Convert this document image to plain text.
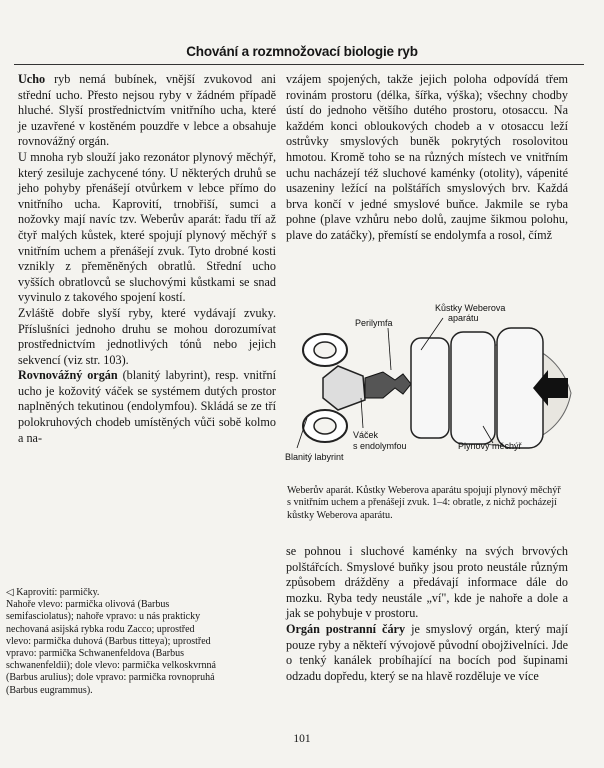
Chování a rozmnožovací biologie ryb

Ucho ryb nemá bubínek, vnější zvukovod ani střední ucho. Přesto nejsou ryby v žádném případě hluché. Slyší prostřednictvím vnitřního ucha, které je uzavřené v kostěném pouzdře v lebce a obsahuje rovnovážný orgán.

U mnoha ryb slouží jako rezonátor plynový měchýř, který zesiluje zachycené tóny. U některých druhů se jeho pohyby přenášejí otvůrkem v lebce přímo do vnitřního ucha. Kaprovití, trnobřiší, sumci a nožovky mají navíc tzv. Weberův aparát: řadu tří až čtyř malých kůstek, které spojují plynový měchýř s vnitřním uchem a přenášejí zvuk. Tyto drobné kosti vznikly z přeměněných obratlů. Střední ucho vyšších obratlovců se sluchovými kůstkami se snad vyvinulo z takového spojení kostí.

Zvláště dobře slyší ryby, které vydávají zvuky. Příslušníci jednoho druhu se mohou dorozumívat prostřednictvím jednotlivých tónů nebo jejich sekvencí (viz str. 103).

Rovnovážný orgán (blanitý labyrint), resp. vnitřní ucho je kožovitý váček se systémem dutých prostor naplněných tekutinou (endolymfou). Skládá se ze tří polokruhových chodeb umístěných vůči sobě kolmo a na-

vzájem spojených, takže jejich poloha odpovídá třem rovinám prostoru (délka, šířka, výška); všechny chodby ústí do jednoho většího dutého prostoru, otosaccu. Na každém konci obloukových chodeb a v otosaccu leží ostrůvky smyslových buněk pokrytých rosolovitou hmotou. Kromě toho se na různých místech ve vnitřním uchu nacházejí též sluchové kaménky (otolity), vápenité usazeniny ležící na polštářích smyslových brv. Každá brva končí v jedné smyslové buňce. Jakmile se ryba pohne (plave vzhůru nebo dolů, zaujme šikmou polohu, plave do zatáčky), přemístí se endolymfa a rosol, čímž

Kůstky Weberova
aparátu
Perilymfa
Váček
s endolymfou	Plynový měchýř
Blanitý labyrint
Weberův aparát. Kůstky Weberova aparátu spojují plynový měchýř s vnitřním uchem a přenášejí zvuk. 1–4: obratle, z nichž pocházejí kůstky Weberova aparátu.

se pohnou i sluchové kaménky na svých brvových polštářcích. Smyslové buňky jsou proto neustále různým způsobem drážděny a předávají informace dále do mozku. Ryba tedy neustále „ví", kde je nahoře a dole a jak se pohybuje v prostoru.

Orgán postranní čáry je smyslový orgán, který mají pouze ryby a někteří vývojově původní obojživelníci. Jde o tenký kanálek probíhající na bocích pod šupinami odzadu dopředu, který se na hlavě rozděluje ve více

◁ Kaprovití: parmičky.
Nahoře vlevo: parmička olivová (Barbus
semifasciolatus); nahoře vpravo: u nás prakticky
nechovaná asijská rybka rodu Zacco; uprostřed
vlevo: parmička duhová (Barbus titteya); uprostřed
vpravo: parmička Schwanenfeldova (Barbus
schwanenfeldii); dole vlevo: parmička velkoskvrnná
(Barbus arulius); dole vpravo: parmička rovnopruhá
(Barbus eugrammus).
101
